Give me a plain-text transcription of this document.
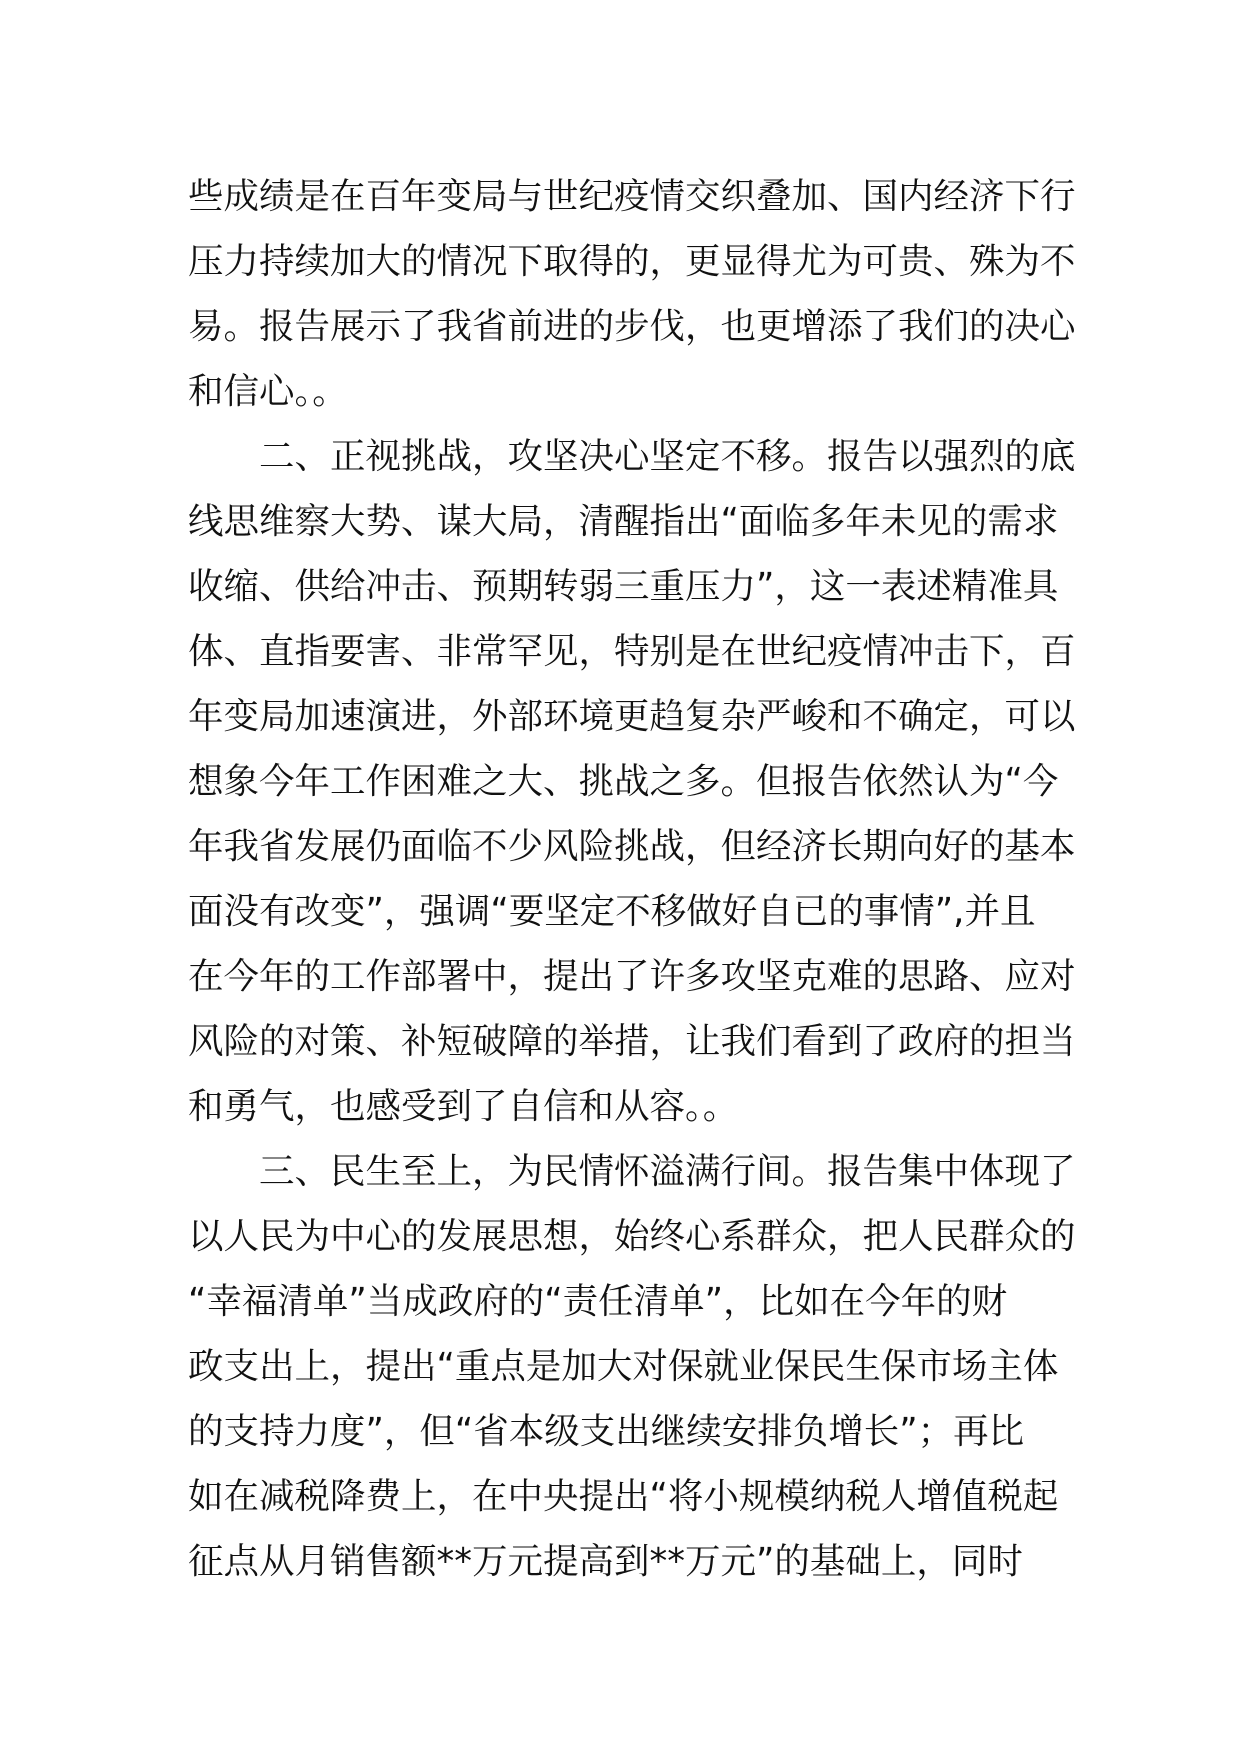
些成绩是在百年变局与世纪疫情交织叠加、国内经济下行
压力持续加大的情况下取得的，更显得尤为可贵、殊为不
易。报告展示了我省前进的步伐，也更增添了我们的决心
和信心。。
二、正视挑战，攻坚决心坚定不移。报告以强烈的底
线思维察大势、谋大局，清醒指出“面临多年未见的需求
收缩、供给冲击、预期转弱三重压力”，这一表述精准具
体、直指要害、非常罕见，特别是在世纪疫情冲击下，百
年变局加速演进，外部环境更趋复杂严峻和不确定，可以
想象今年工作困难之大、挑战之多。但报告依然认为“今
年我省发展仍面临不少风险挑战，但经济长期向好的基本
面没有改变”，强调“要坚定不移做好自已的事情”,并且
在今年的工作部署中，提出了许多攻坚克难的思路、应对
风险的对策、补短破障的举措，让我们看到了政府的担当
和勇气，也感受到了自信和从容。。
三、民生至上，为民情怀溢满行间。报告集中体现了
以人民为中心的发展思想，始终心系群众，把人民群众的
“幸福清单”当成政府的“责任清单”，比如在今年的财
政支出上，提出“重点是加大对保就业保民生保市场主体
的支持力度”，但“省本级支出继续安排负增长”；再比
如在减税降费上，在中央提出“将小规模纳税人增值税起
征点从月销售额**万元提高到**万元”的基础上，同时
